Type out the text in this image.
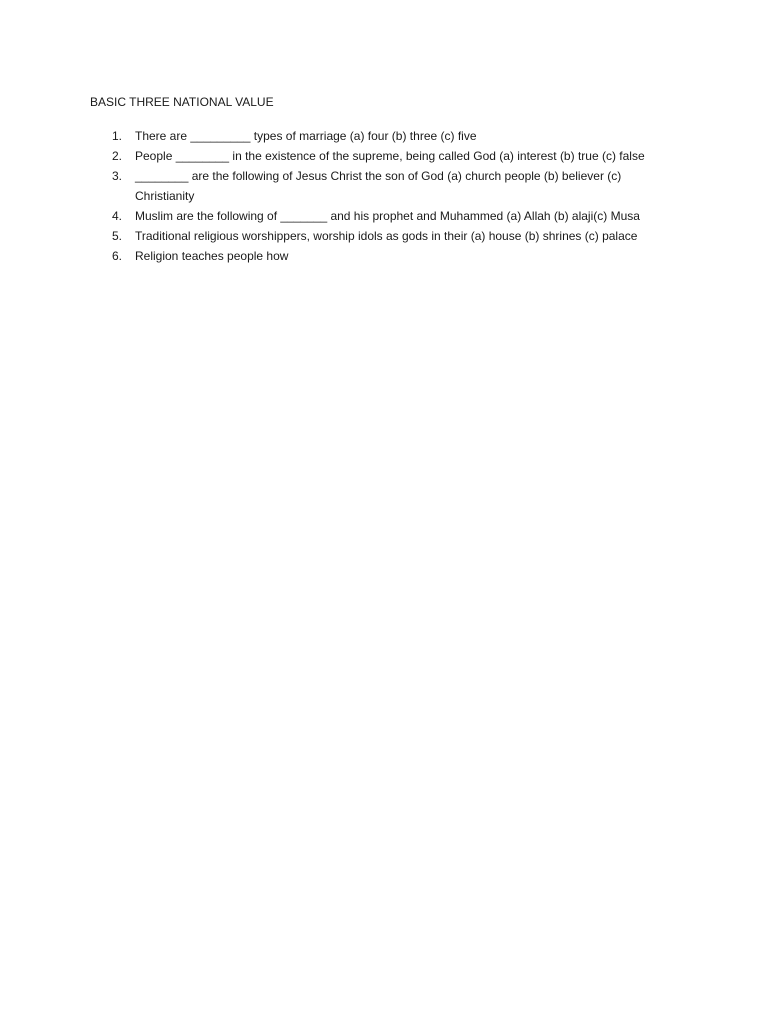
BASIC THREE NATIONAL VALUE
1.	There are _________ types of marriage (a) four (b) three (c) five
2.	People ________ in the existence of the supreme, being called God (a) interest (b) true (c) false
3.	________ are the following of Jesus Christ the son of God (a) church people (b) believer (c) Christianity
4.	Muslim are the following of _______ and his prophet and Muhammed (a) Allah (b) alaji(c) Musa
5.	Traditional religious worshippers, worship idols as gods in their (a) house (b) shrines (c) palace
6.	Religion teaches people how
